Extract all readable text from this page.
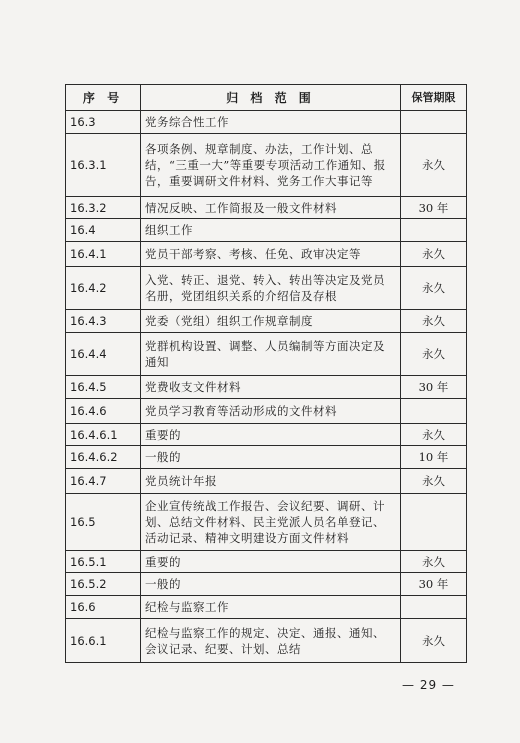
序 号	归 档 范 围	保管期限
16.3	党务综合性工作	
16.3.1	各项条例、规章制度、办法，工作计划、总结，“三重一大”等重要专项活动工作通知、报告，重要调研文件材料、党务工作大事记等	永久
16.3.2	情况反映、工作简报及一般文件材料	30 年
16.4	组织工作	
16.4.1	党员干部考察、考核、任免、政审决定等	永久
16.4.2	入党、转正、退党、转入、转出等决定及党员名册，党团组织关系的介绍信及存根	永久
16.4.3	党委（党组）组织工作规章制度	永久
16.4.4	党群机构设置、调整、人员编制等方面决定及通知	永久
16.4.5	党费收支文件材料	30 年
16.4.6	党员学习教育等活动形成的文件材料	
16.4.6.1	重要的	永久
16.4.6.2	一般的	10 年
16.4.7	党员统计年报	永久
16.5	企业宣传统战工作报告、会议纪要、调研、计划、总结文件材料、民主党派人员名单登记、活动记录、精神文明建设方面文件材料	
16.5.1	重要的	永久
16.5.2	一般的	30 年
16.6	纪检与监察工作	
16.6.1	纪检与监察工作的规定、决定、通报、通知、会议记录、纪要、计划、总结	永久
— 29 —
